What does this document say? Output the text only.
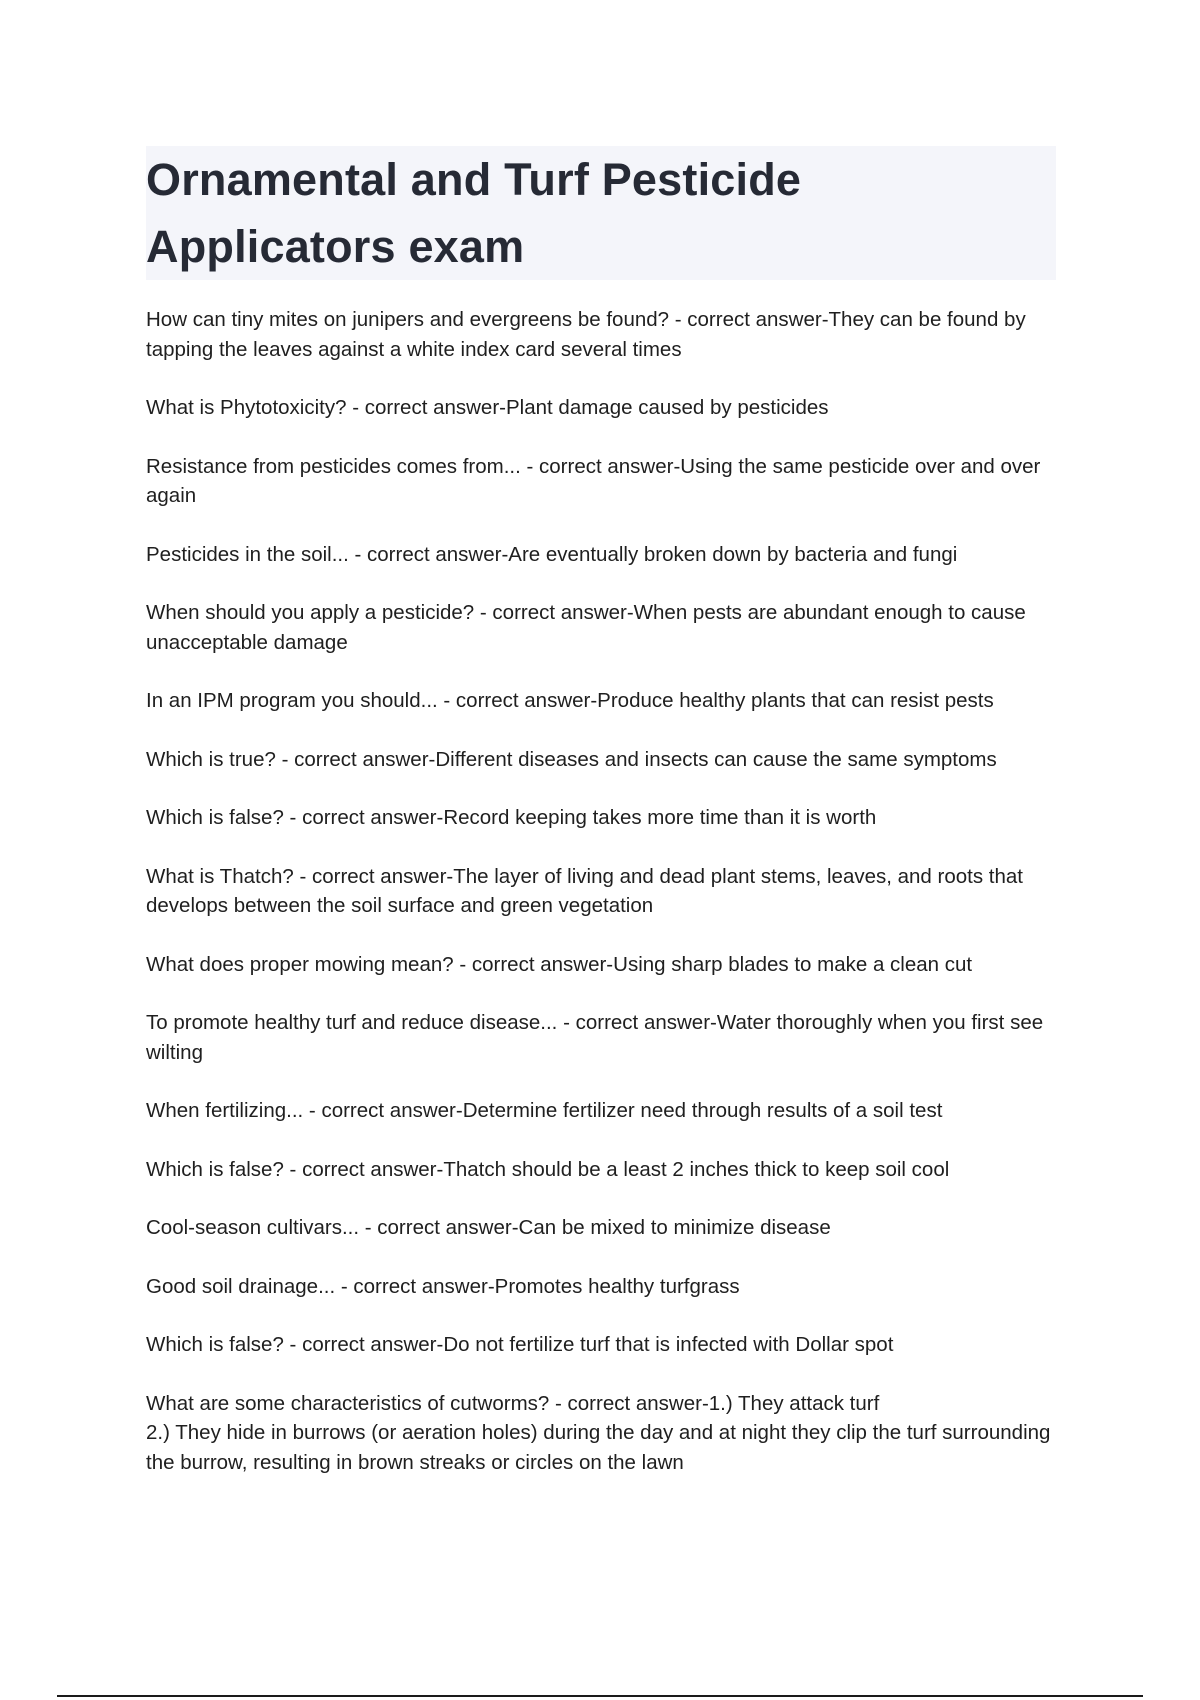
Ornamental and Turf Pesticide Applicators exam

How can tiny mites on junipers and evergreens be found? - correct answer-They can be found by tapping the leaves against a white index card several times

What is Phytotoxicity? - correct answer-Plant damage caused by pesticides

Resistance from pesticides comes from... - correct answer-Using the same pesticide over and over again

Pesticides in the soil... - correct answer-Are eventually broken down by bacteria and fungi

When should you apply a pesticide? - correct answer-When pests are abundant enough to cause unacceptable damage

In an IPM program you should... - correct answer-Produce healthy plants that can resist pests

Which is true? - correct answer-Different diseases and insects can cause the same symptoms

Which is false? - correct answer-Record keeping takes more time than it is worth

What is Thatch? - correct answer-The layer of living and dead plant stems, leaves, and roots that develops between the soil surface and green vegetation

What does proper mowing mean? - correct answer-Using sharp blades to make a clean cut

To promote healthy turf and reduce disease... - correct answer-Water thoroughly when you first see wilting

When fertilizing... - correct answer-Determine fertilizer need through results of a soil test

Which is false? - correct answer-Thatch should be a least 2 inches thick to keep soil cool

Cool-season cultivars... - correct answer-Can be mixed to minimize disease

Good soil drainage... - correct answer-Promotes healthy turfgrass

Which is false? - correct answer-Do not fertilize turf that is infected with Dollar spot

What are some characteristics of cutworms? - correct answer-1.) They attack turf
2.) They hide in burrows (or aeration holes) during the day and at night they clip the turf surrounding the burrow, resulting in brown streaks or circles on the lawn
